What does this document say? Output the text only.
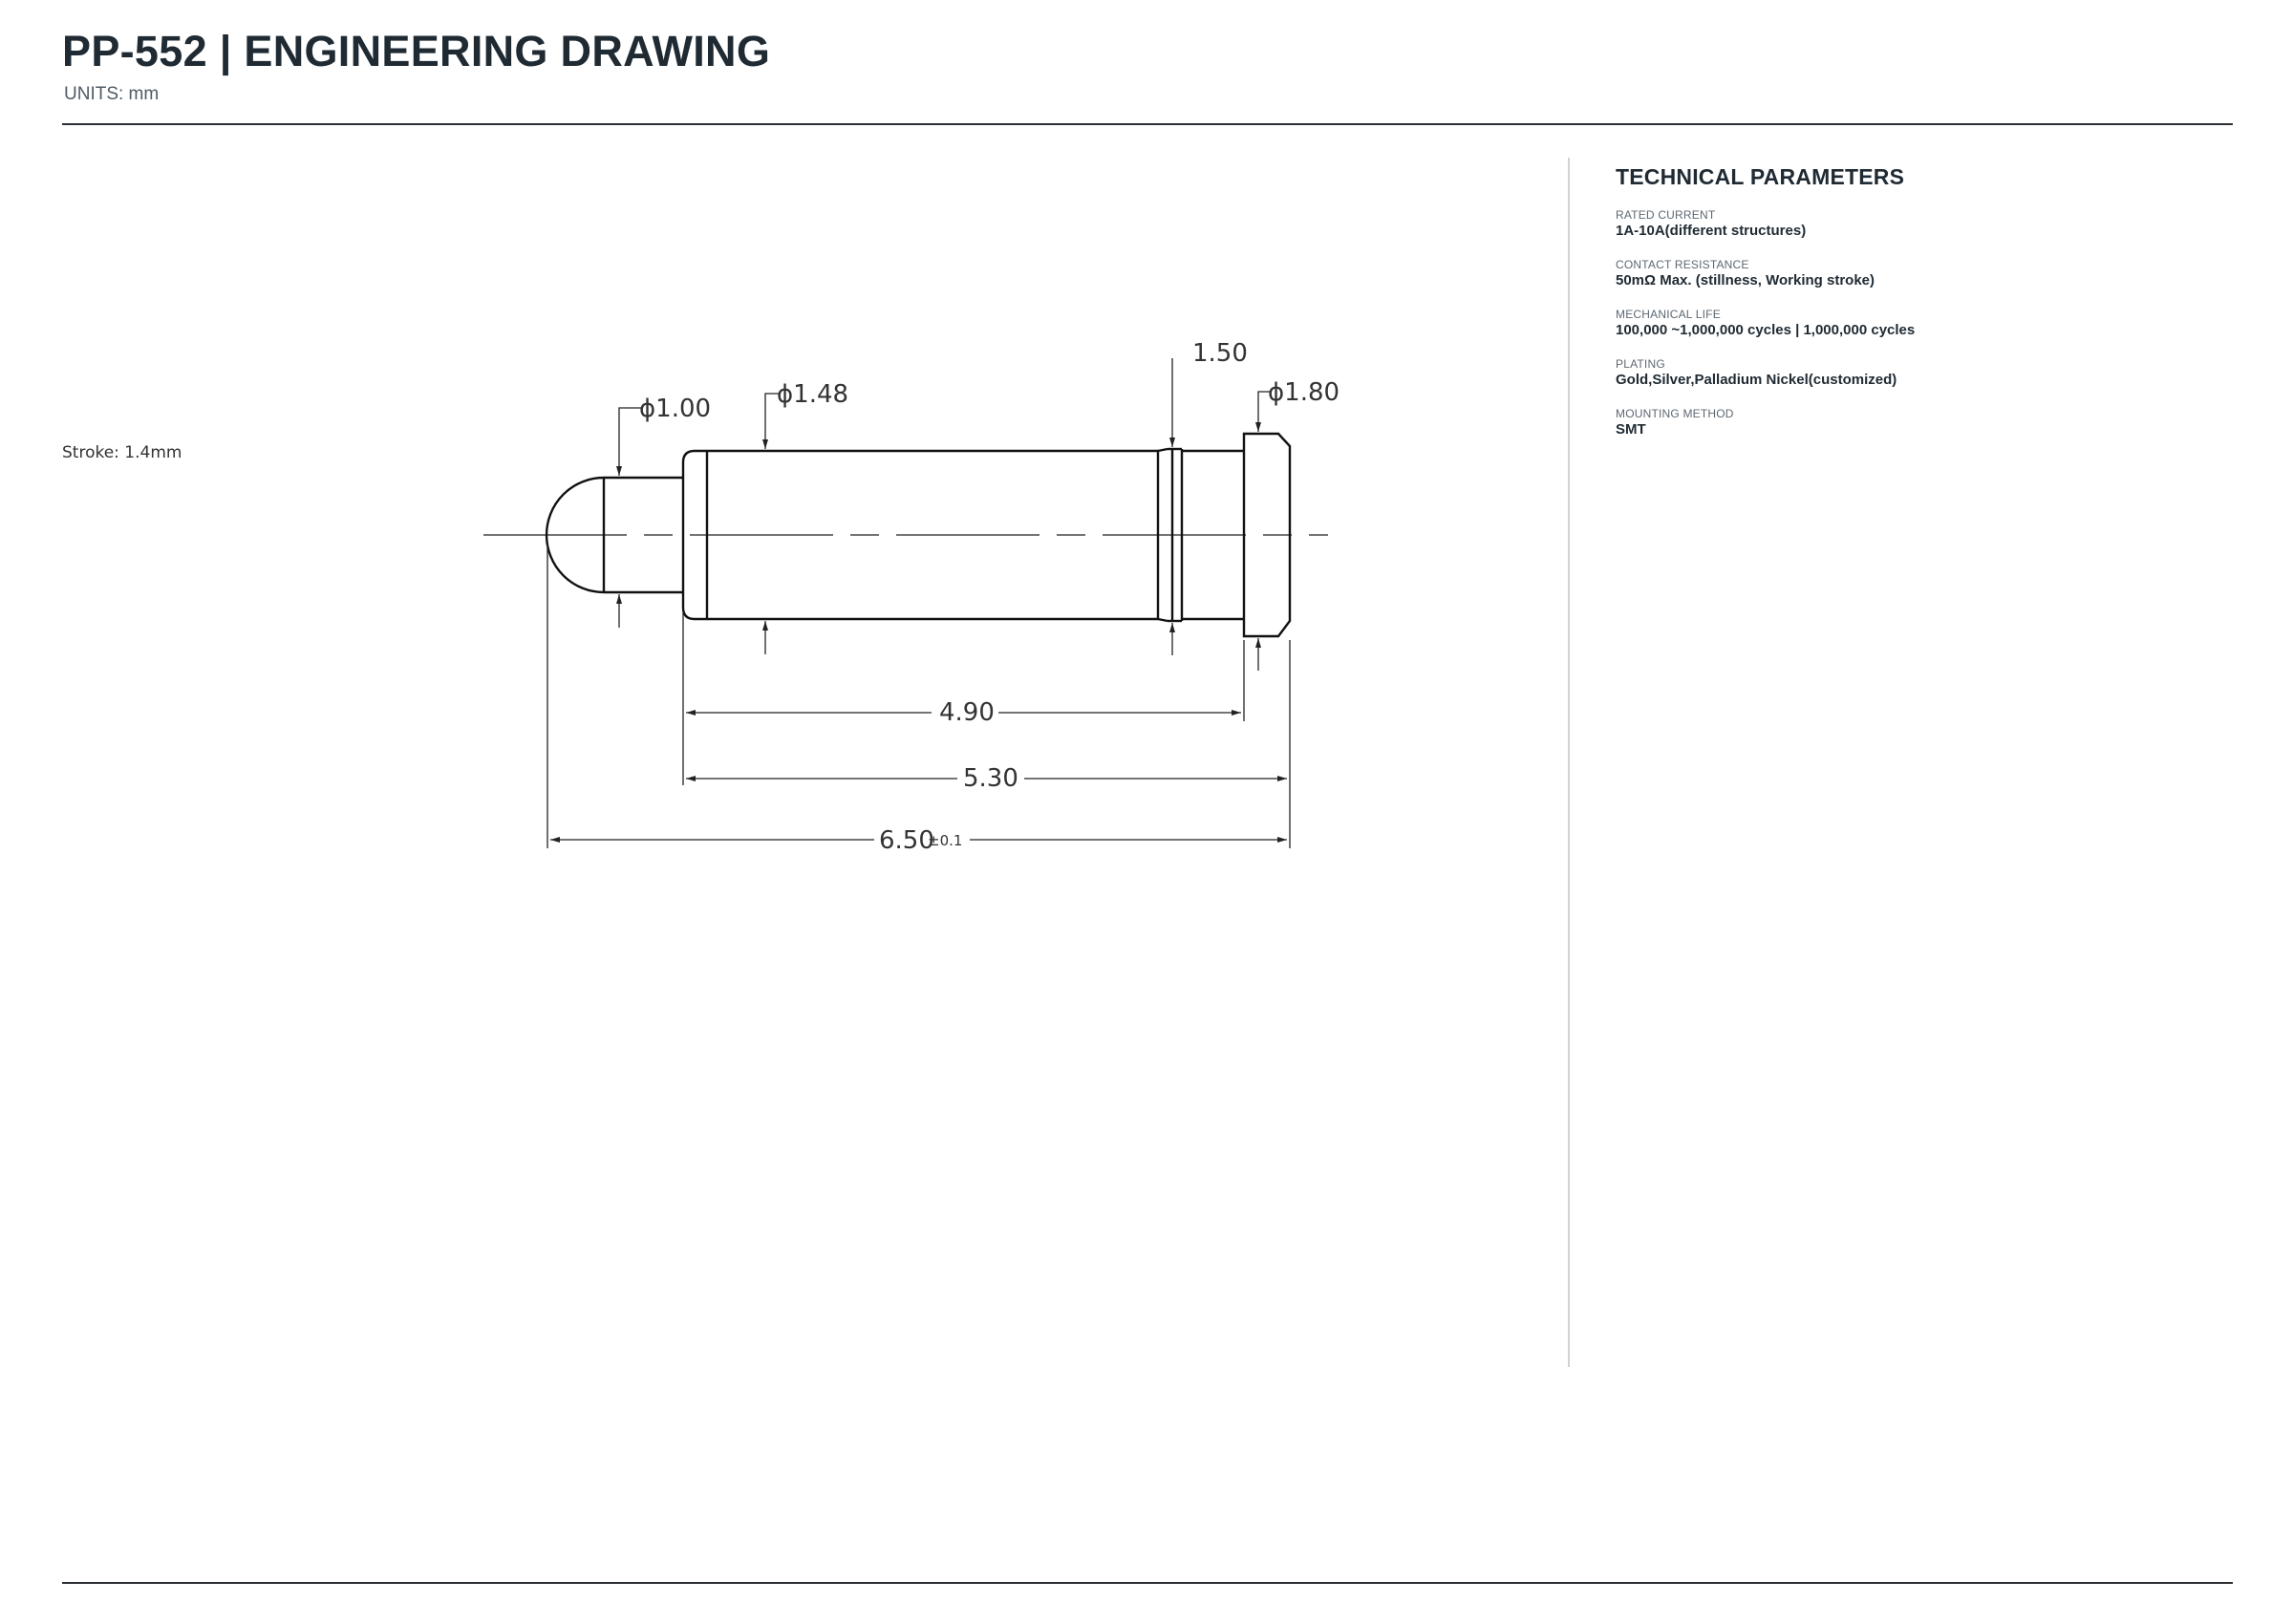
PP-552 | ENGINEERING DRAWING
UNITS: mm
Stroke: 1.4mm
1.50
ϕ1.00	ϕ1.48	ϕ1.80
4.90
5.30
6.50
±0.1
TECHNICAL PARAMETERS
RATED CURRENT
1A-10A(different structures)
CONTACT RESISTANCE
50mΩ Max. (stillness, Working stroke)
MECHANICAL LIFE
100,000 ~1,000,000 cycles | 1,000,000 cycles
PLATING
Gold,Silver,Palladium Nickel(customized)
MOUNTING METHOD
SMT
